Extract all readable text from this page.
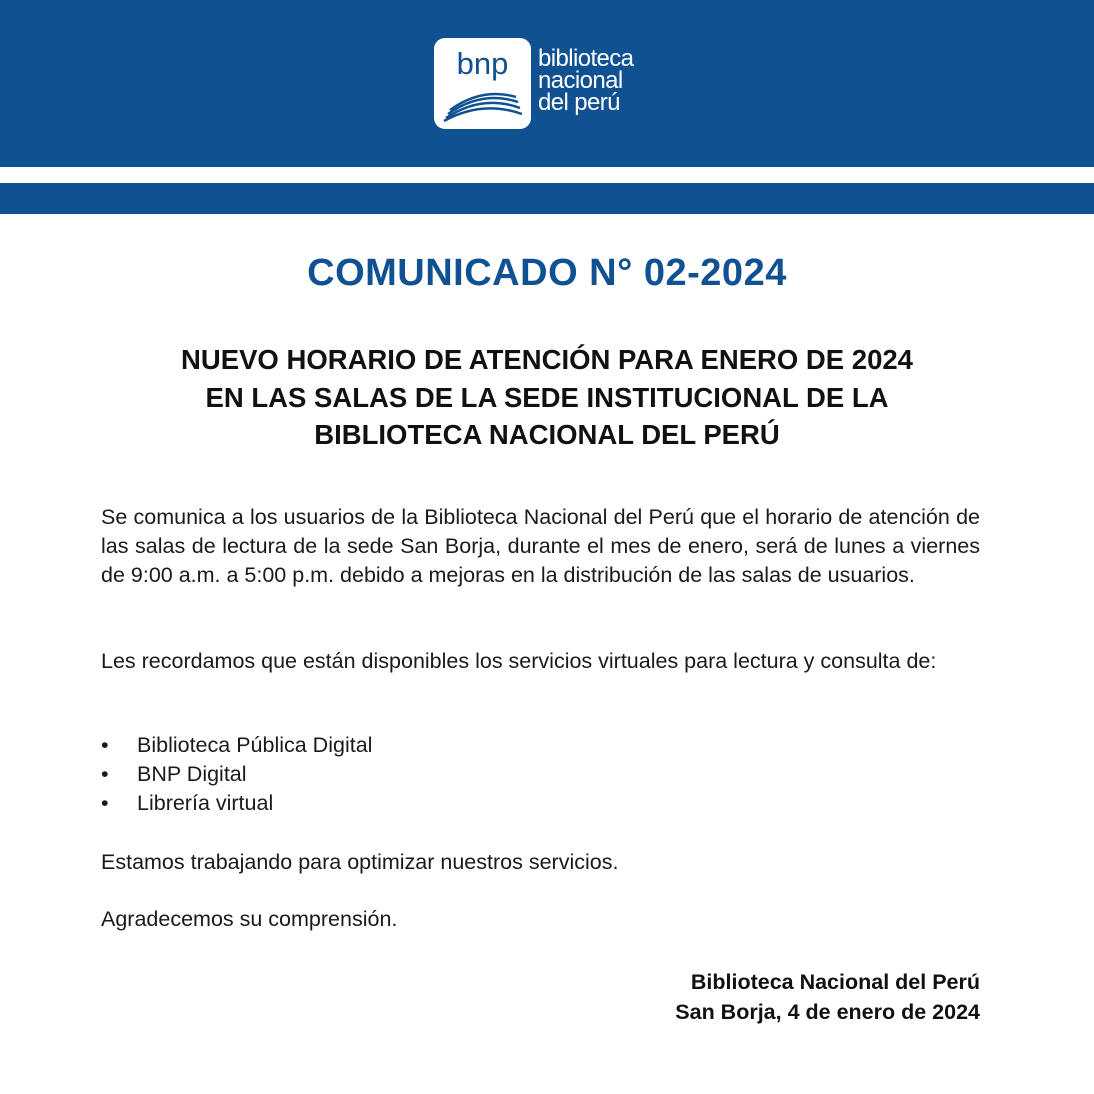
bnp	biblioteca
nacional
del perú
COMUNICADO N° 02-2024
NUEVO HORARIO DE ATENCIÓN PARA ENERO DE 2024
EN LAS SALAS DE LA SEDE INSTITUCIONAL DE LA
BIBLIOTECA NACIONAL DEL PERÚ
Se comunica a los usuarios de la Biblioteca Nacional del Perú que el horario de atención de las salas de lectura de la sede San Borja, durante el mes de enero, será de lunes a viernes de 9:00 a.m. a 5:00 p.m. debido a mejoras en la distribución de las salas de usuarios.
Les recordamos que están disponibles los servicios virtuales para lectura y consulta de:
• Biblioteca Pública Digital
• BNP Digital
• Librería virtual
Estamos trabajando para optimizar nuestros servicios.
Agradecemos su comprensión.
Biblioteca Nacional del Perú
San Borja, 4 de enero de 2024
